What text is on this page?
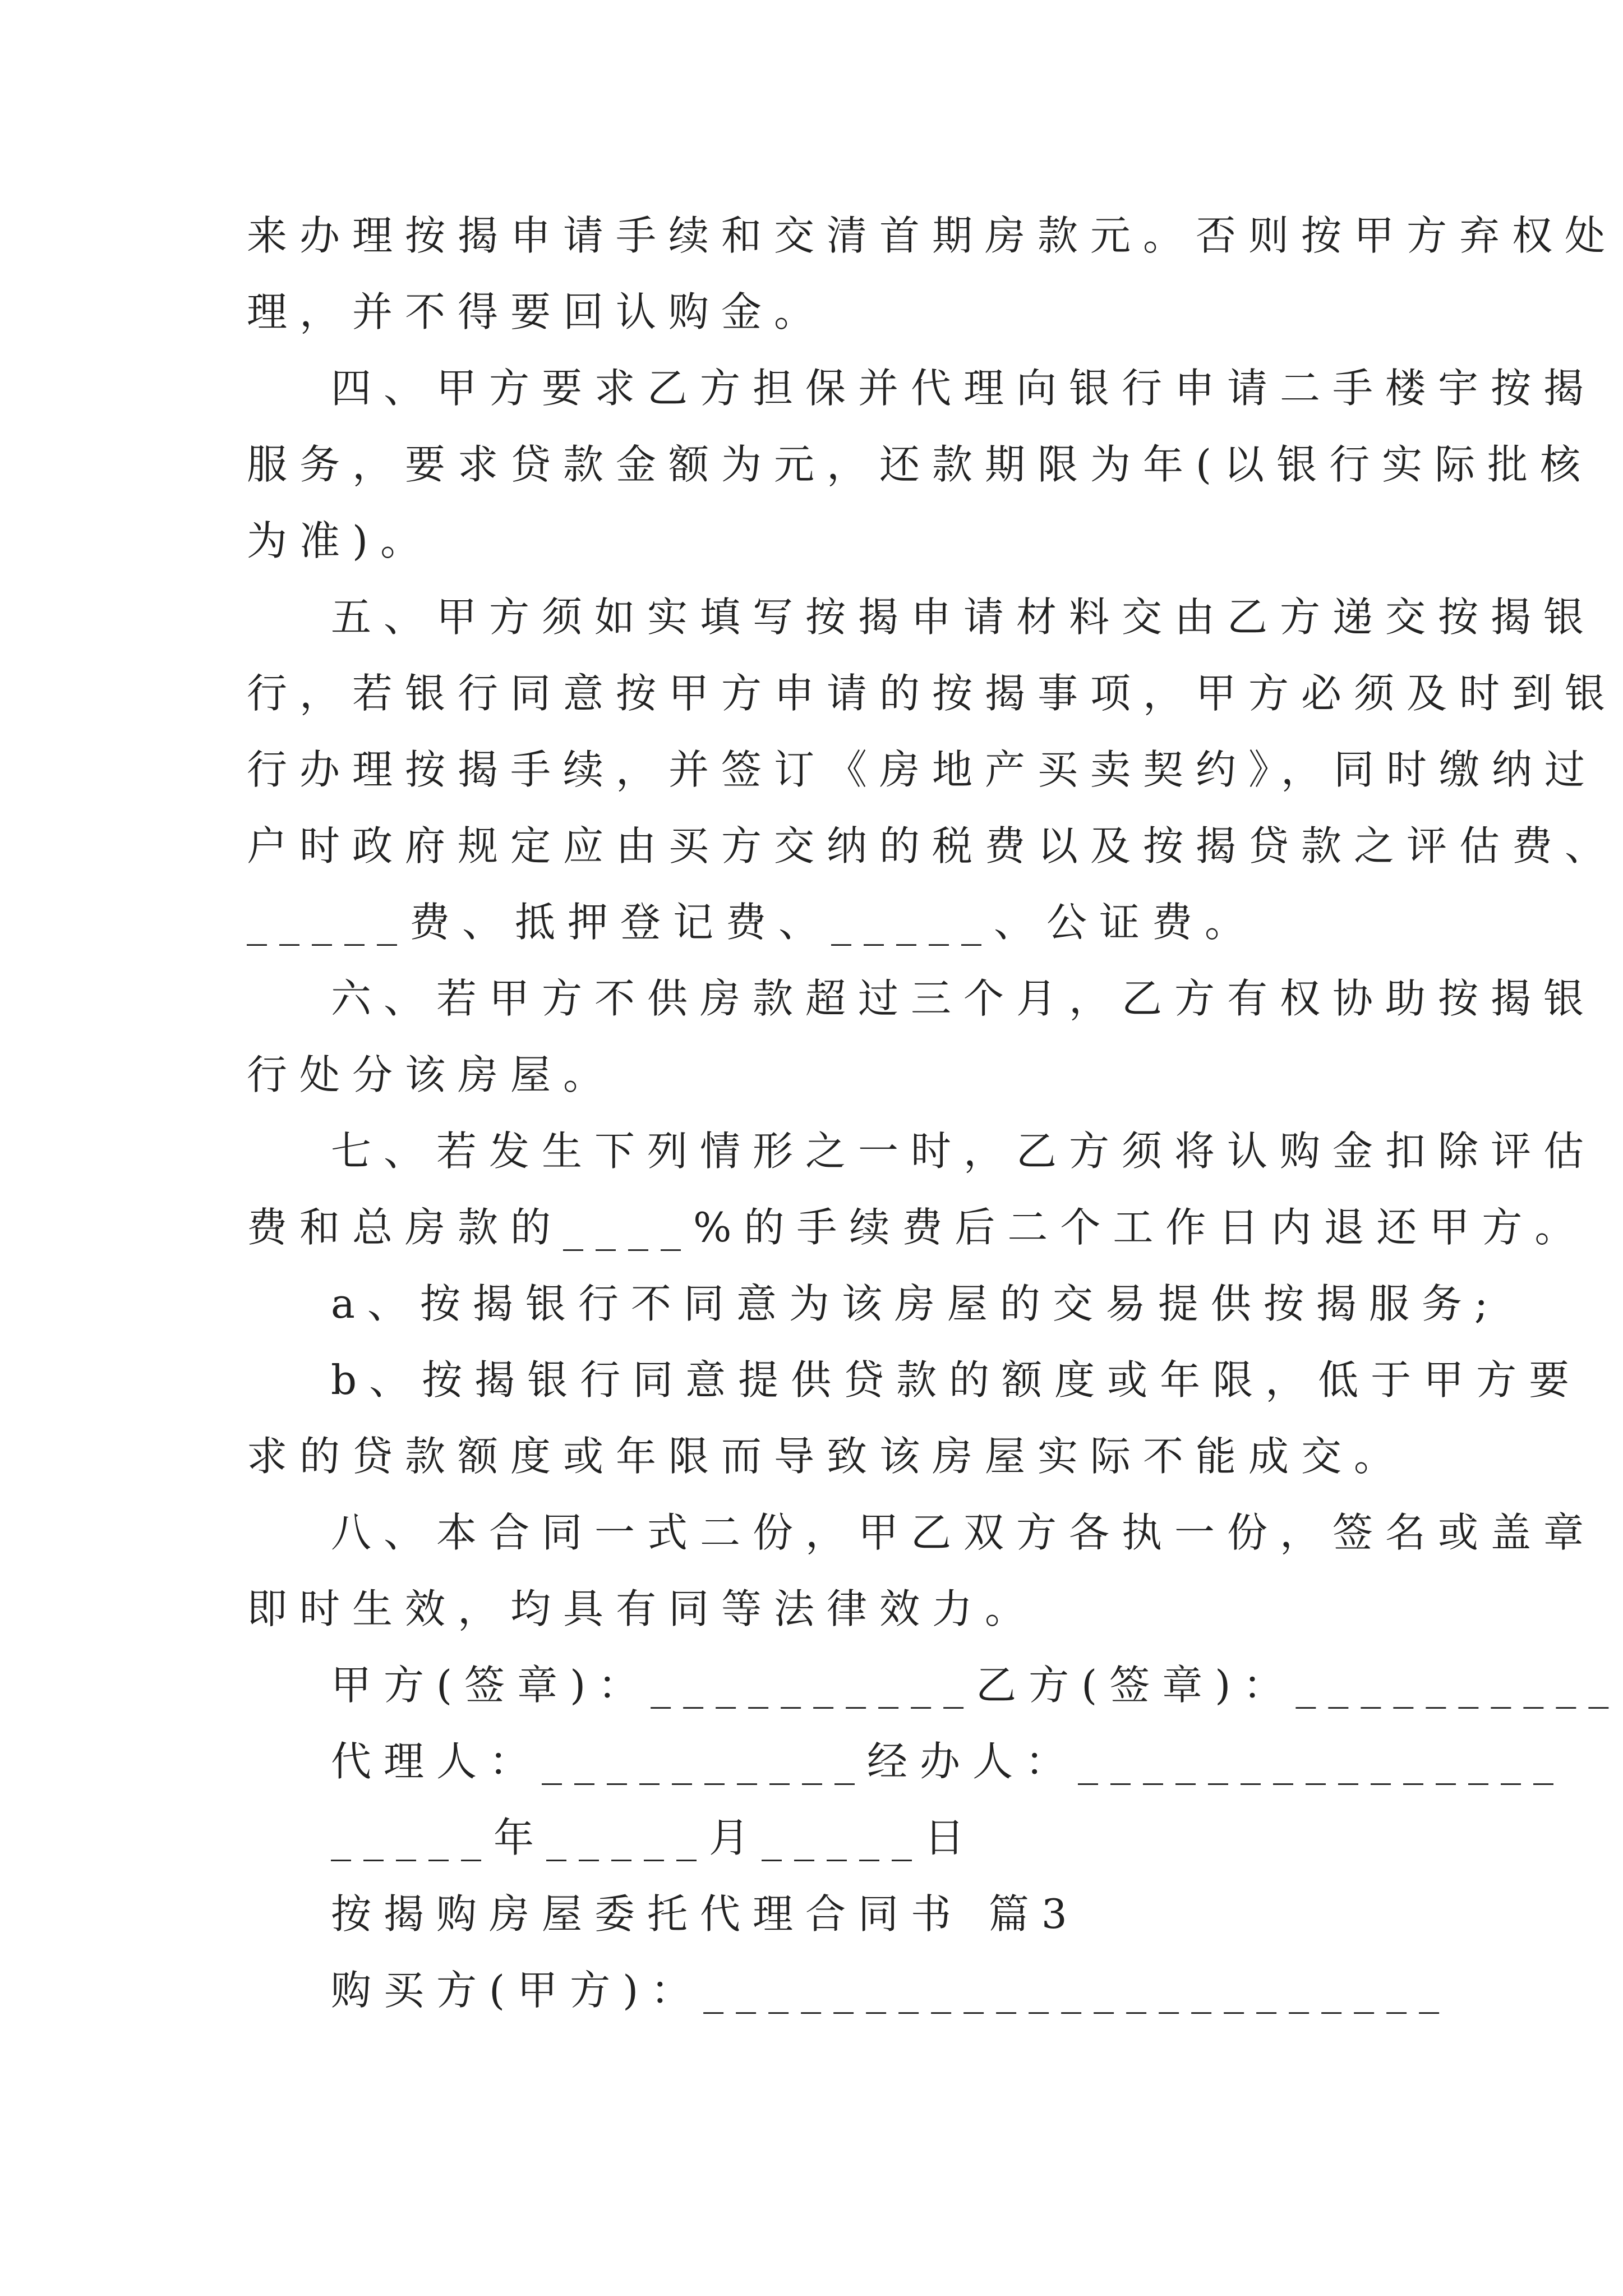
来办理按揭申请手续和交清首期房款元。否则按甲方弃权处
理，并不得要回认购金。
四、甲方要求乙方担保并代理向银行申请二手楼宇按揭
服务，要求贷款金额为元，还款期限为年(以银行实际批核
为准)。
五、甲方须如实填写按揭申请材料交由乙方递交按揭银
行，若银行同意按甲方申请的按揭事项，甲方必须及时到银
行办理按揭手续，并签订《房地产买卖契约》，同时缴纳过
户时政府规定应由买方交纳的税费以及按揭贷款之评估费、
_____费、抵押登记费、_____、公证费。
六、若甲方不供房款超过三个月，乙方有权协助按揭银
行处分该房屋。
七、若发生下列情形之一时，乙方须将认购金扣除评估
费和总房款的____%的手续费后二个工作日内退还甲方。
a、按揭银行不同意为该房屋的交易提供按揭服务;
b、按揭银行同意提供贷款的额度或年限，低于甲方要
求的贷款额度或年限而导致该房屋实际不能成交。
八、本合同一式二份，甲乙双方各执一份，签名或盖章
即时生效，均具有同等法律效力。
甲方(签章)：__________乙方(签章)：__________
代理人：__________经办人：_______________
_____年_____月_____日
按揭购房屋委托代理合同书 篇3
购买方(甲方)：_______________________
